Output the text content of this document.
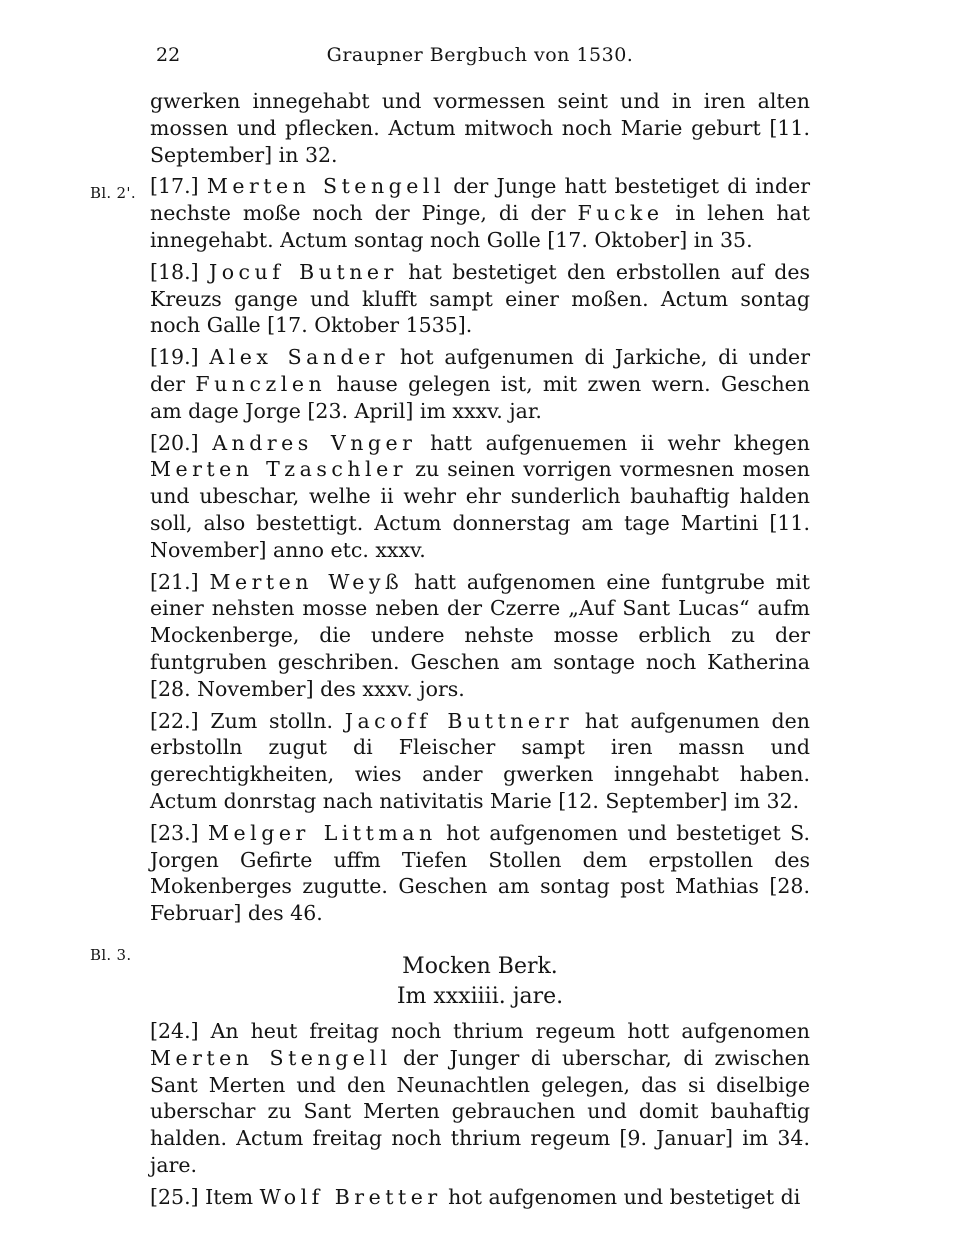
22	Graupner Bergbuch von 1530.
Bl. 2'.
Bl. 3.

gwerken innegehabt und vormessen seint und in iren alten mossen und pflecken. Actum mitwoch noch Marie geburt [11. September] in 32.

[17.] Merten Stengell der Junge hatt bestetiget di inder nechste moße noch der Pinge, di der Fucke in lehen hat innegehabt. Actum sontag noch Golle [17. Oktober] in 35.

[18.] Jocuf Butner hat bestetiget den erbstollen auf des Kreuzs gange und klufft sampt einer moßen. Actum sontag noch Galle [17. Oktober 1535].

[19.] Alex Sander hot aufgenumen di Jarkiche, di under der Funczlen hause gelegen ist, mit zwen wern. Geschen am dage Jorge [23. April] im xxxv. jar.

[20.] Andres Vnger hatt aufgenuemen ii wehr khegen Merten Tzaschler zu seinen vorrigen vormesnen mosen und ubeschar, welhe ii wehr ehr sunderlich bauhaftig halden soll, also bestettigt. Actum donnerstag am tage Martini [11. November] anno etc. xxxv.

[21.] Merten Weyß hatt aufgenomen eine funtgrube mit einer nehsten mosse neben der Czerre „Auf Sant Lucas“ aufm Mockenberge, die undere nehste mosse erblich zu der funtgruben geschriben. Geschen am sontage noch Katherina [28. November] des xxxv. jors.

[22.] Zum stolln. Jacoff Buttnerr hat aufgenumen den erbstolln zugut di Fleischer sampt iren massn und gerechtigkheiten, wies ander gwerken inngehabt haben. Actum donrstag nach nativitatis Marie [12. September] im 32.

[23.] Melger Littman hot aufgenomen und bestetiget S. Jorgen Gefirte uffm Tiefen Stollen dem erpstollen des Mokenberges zugutte. Geschen am sontag post Mathias [28. Februar] des 46.

Mocken Berk.

Im xxxiiii. jare.

[24.] An heut freitag noch thrium regeum hott aufgenomen Merten Stengell der Junger di uberschar, di zwischen Sant Merten und den Neunachtlen gelegen, das si diselbige uberschar zu Sant Merten gebrauchen und domit bauhaftig halden. Actum freitag noch thrium regeum [9. Januar] im 34. jare.

[25.] Item Wolf Bretter hot aufgenomen und bestetiget di
